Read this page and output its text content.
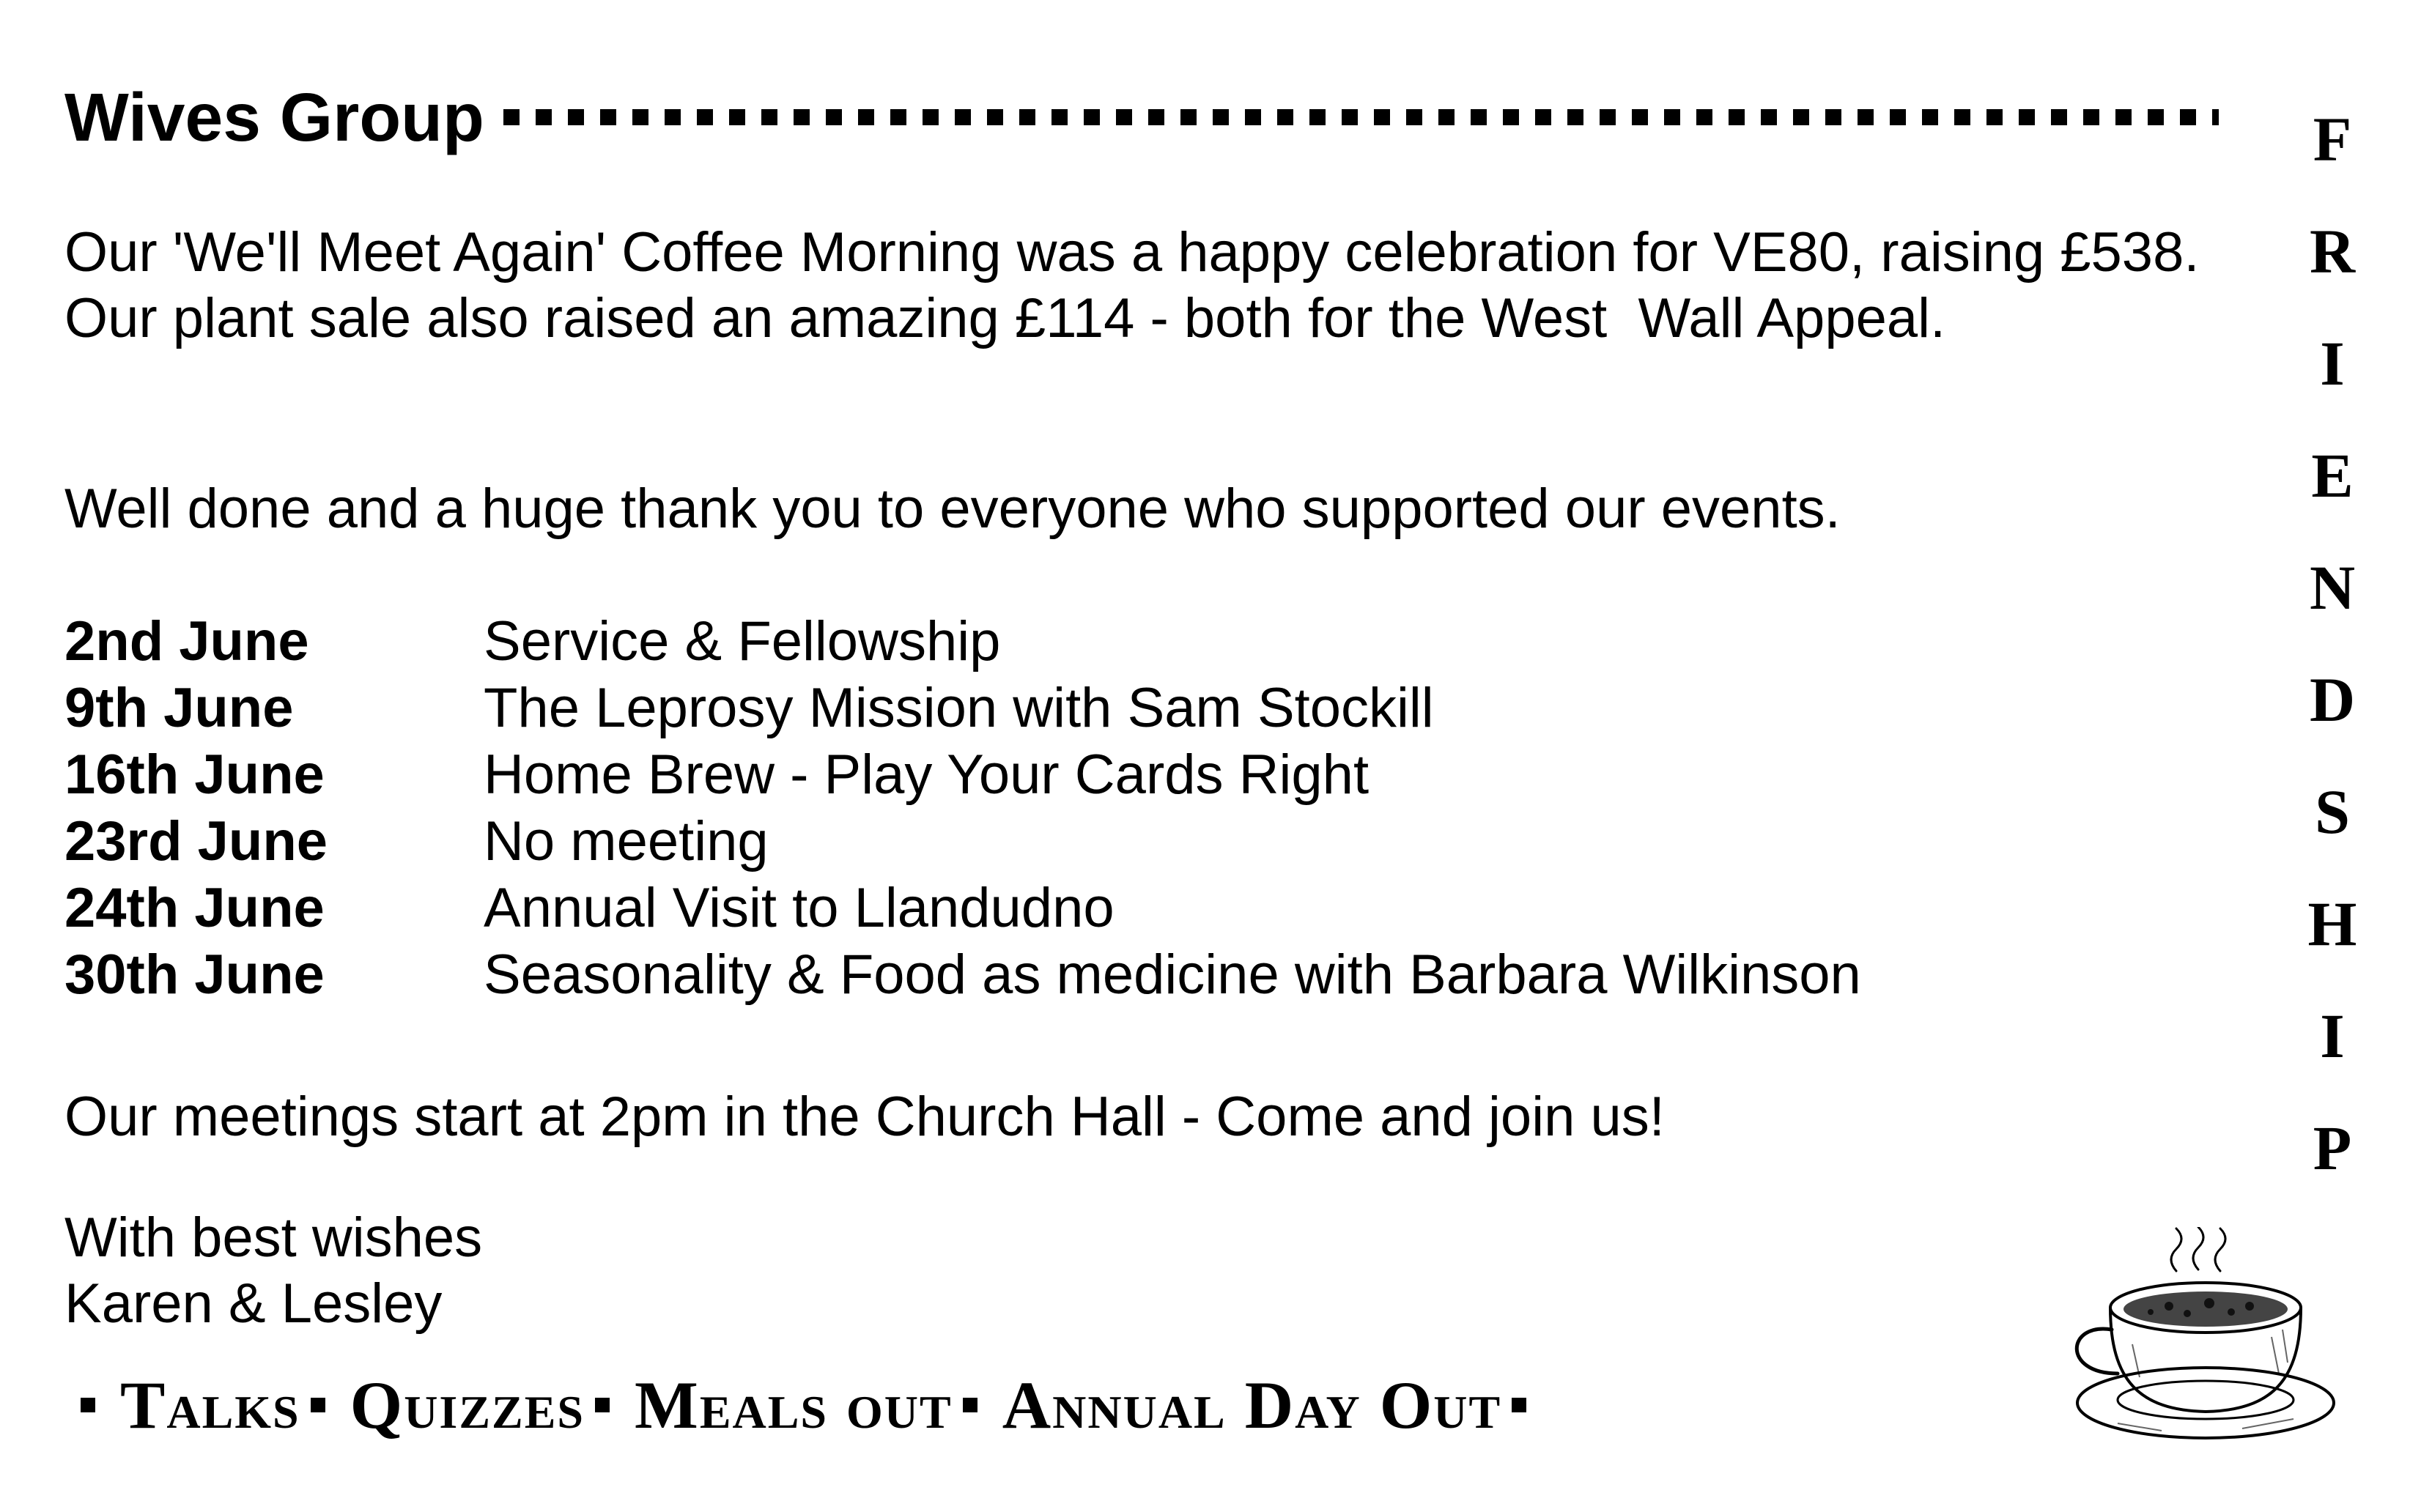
Wives Group
Our 'We'll Meet Again' Coffee Morning was a happy celebration for VE80, raising £538. Our plant sale also raised an amazing £114 - both for the West  Wall Appeal.
Well done and a huge thank you to everyone who supported our events.
2nd June	Service & Fellowship
9th June	The Leprosy Mission with Sam Stockill
16th June	Home Brew - Play Your Cards Right
23rd June	No meeting
24th June	Annual Visit to Llandudno
30th June	Seasonality & Food as medicine with Barbara Wilkinson
Our meetings start at 2pm in the Church Hall - Come and join us!
With best wishes
Karen & Lesley
F
R
I
E
N
D
S
H
I
P
Talks Quizzes Meals out Annual Day Out
